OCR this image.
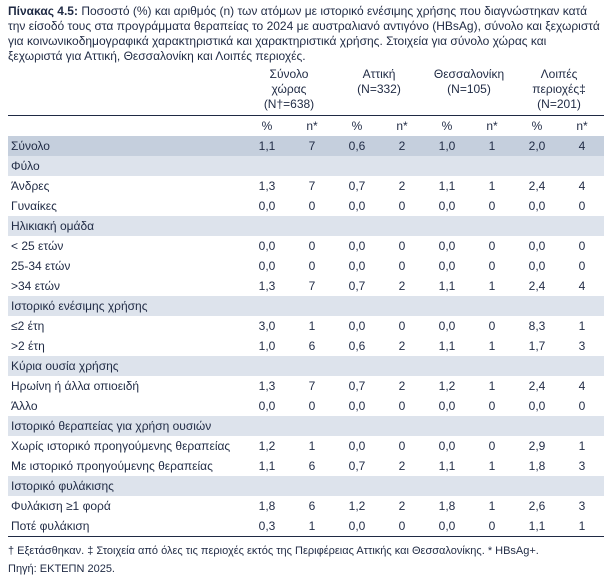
Πίνακας 4.5: Ποσοστό (%) και αριθμός (n) των ατόμων με ιστορικό ενέσιμης χρήσης που διαγνώστηκαν κατά την είσοδό τους στα προγράμματα θεραπείας το 2024 με αυστραλιανό αντιγόνο (HBsAg), σύνολο και ξεχωριστά για κοινωνικοδημογραφικά χαρακτηριστικά και χαρακτηριστικά χρήσης. Στοιχεία για σύνολο χώρας και ξεχωριστά για Αττική, Θεσσαλονίκη και Λοιπές περιοχές.
	Σύνολο
χώρας
(N†=638)		Αττική
(N=332)		Θεσσαλονίκη
(N=105)		Λοιπές
περιοχές‡
(N=201)	
	%	n*	%	n*	%	n*	%	n*
Σύνολο	1,1	7	0,6	2	1,0	1	2,0	4
Φύλο								
Άνδρες	1,3	7	0,7	2	1,1	1	2,4	4
Γυναίκες	0,0	0	0,0	0	0,0	0	0,0	0
Ηλικιακή ομάδα								
< 25 ετών	0,0	0	0,0	0	0,0	0	0,0	0
25-34 ετών	0,0	0	0,0	0	0,0	0	0,0	0
>34 ετών	1,3	7	0,7	2	1,1	1	2,4	4
Ιστορικό ενέσιμης χρήσης								
≤2 έτη	3,0	1	0,0	0	0,0	0	8,3	1
>2 έτη	1,0	6	0,6	2	1,1	1	1,7	3
Κύρια ουσία χρήσης								
Ηρωίνη ή άλλα οπιοειδή	1,3	7	0,7	2	1,2	1	2,4	4
Άλλο	0,0	0	0,0	0	0,0	0	0,0	0
Ιστορικό θεραπείας για χρήση ουσιών								
Χωρίς ιστορικό προηγούμενης θεραπείας	1,2	1	0,0	0	0,0	0	2,9	1
Με ιστορικό προηγούμενης θεραπείας	1,1	6	0,7	2	1,1	1	1,8	3
Ιστορικό φυλάκισης								
Φυλάκιση ≥1 φορά	1,8	6	1,2	2	1,8	1	2,6	3
Ποτέ φυλάκιση	0,3	1	0,0	0	0,0	0	1,1	1
† Εξετάσθηκαν. ‡ Στοιχεία από όλες τις περιοχές εκτός της Περιφέρειας Αττικής και Θεσσαλονίκης. * HBsAg+.
Πηγή: ΕΚΤΕΠΝ 2025.
